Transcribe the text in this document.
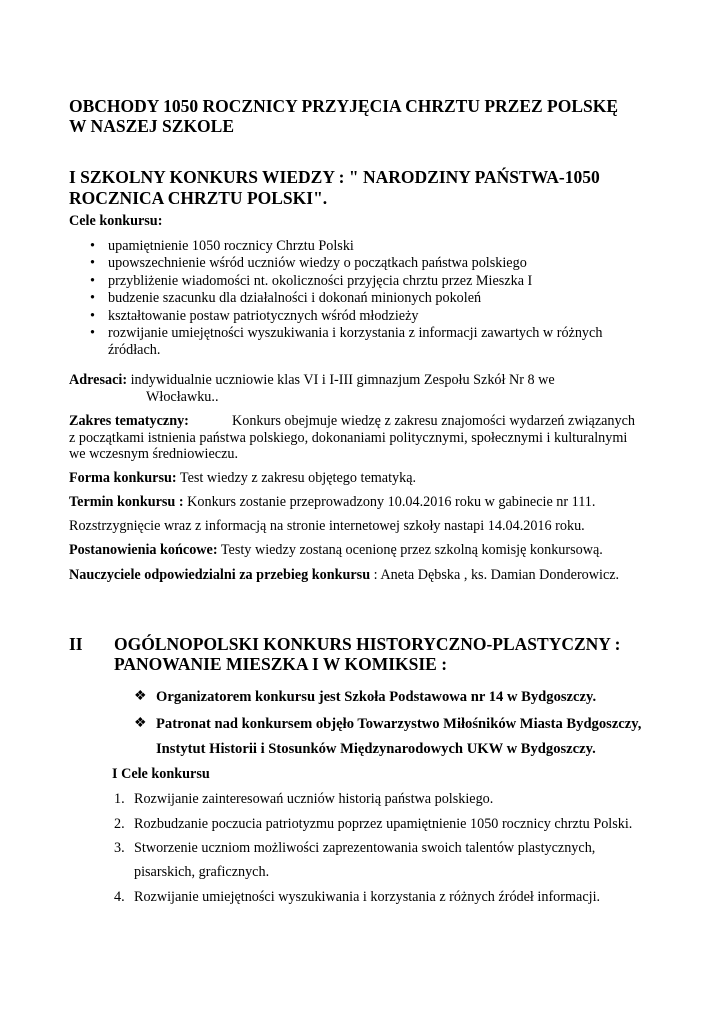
OBCHODY 1050 ROCZNICY PRZYJĘCIA CHRZTU PRZEZ POLSKĘ
W NASZEJ SZKOLE
I SZKOLNY KONKURS WIEDZY : " NARODZINY PAŃSTWA-1050
ROCZNICA CHRZTU POLSKI".
Cele konkursu:
• upamiętnienie 1050 rocznicy Chrztu Polski
• upowszechnienie wśród uczniów wiedzy o początkach państwa polskiego
• przybliżenie wiadomości nt. okoliczności przyjęcia chrztu przez Mieszka I
• budzenie szacunku dla działalności i dokonań minionych pokoleń
• kształtowanie postaw patriotycznych wśród młodzieży
• rozwijanie umiejętności wyszukiwania i korzystania z informacji zawartych w różnych
źródłach.
Adresaci: indywidualnie uczniowie klas VI i I-III gimnazjum Zespołu Szkół Nr 8 we
Włocławku..
Zakres tematyczny:	Konkurs obejmuje wiedzę z zakresu znajomości wydarzeń związanych
z początkami istnienia państwa polskiego, dokonaniami politycznymi, społecznymi i kulturalnymi
we wczesnym średniowieczu.
Forma konkursu: Test wiedzy z zakresu objętego tematyką.
Termin konkursu : Konkurs zostanie przeprowadzony 10.04.2016 roku w gabinecie nr 111.
Rozstrzygnięcie wraz z informacją na stronie internetowej szkoły nastapi 14.04.2016 roku.
Postanowienia końcowe: Testy wiedzy zostaną ocenionę przez szkolną komisję konkursową.
Nauczyciele odpowiedzialni za przebieg konkursu : Aneta Dębska , ks. Damian Donderowicz.
II OGÓLNOPOLSKI KONKURS HISTORYCZNO-PLASTYCZNY :
PANOWANIE MIESZKA I W KOMIKSIE :
❖ Organizatorem konkursu jest Szkoła Podstawowa nr 14 w Bydgoszczy.
❖ Patronat nad konkursem objęło Towarzystwo Miłośników Miasta Bydgoszczy,
Instytut Historii i Stosunków Międzynarodowych UKW w Bydgoszczy.
I Cele konkursu
1. Rozwijanie zainteresowań uczniów historią państwa polskiego.
2. Rozbudzanie poczucia patriotyzmu poprzez upamiętnienie 1050 rocznicy chrztu Polski.
3. Stworzenie uczniom możliwości zaprezentowania swoich talentów plastycznych,
pisarskich, graficznych.
4. Rozwijanie umiejętności wyszukiwania i korzystania z różnych źródeł informacji.
